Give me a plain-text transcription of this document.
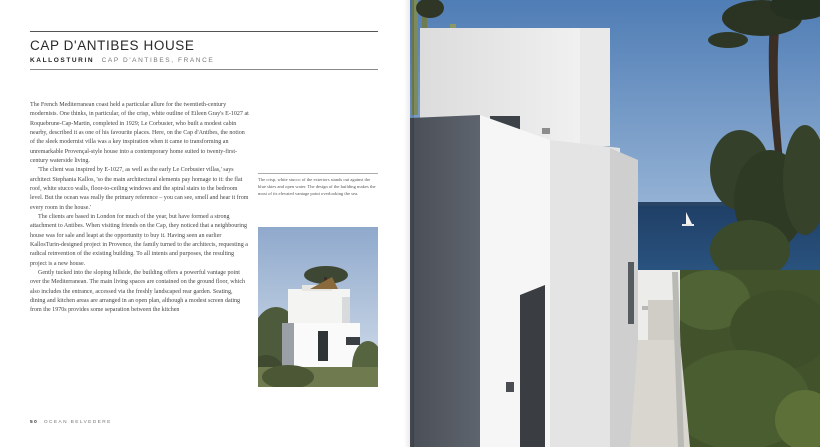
CAP D'ANTIBES HOUSE
KALLOSTURIN CAP D'ANTIBES, FRANCE

The French Mediterranean coast held a particular allure for the twentieth-century modernists. One thinks, in particular, of the crisp, white outline of Eileen Gray's E-1027 at Roquebrune-Cap-Martin, completed in 1929; Le Corbusier, who built a modest cabin nearby, described it as one of his favourite places. Here, on the Cap d'Antibes, the notion of the sleek modernist villa was a key inspiration when it came to transforming an unremarkable Provençal-style house into a contemporary home suited to twenty-first-century waterside living.

'The client was inspired by E-1027, as well as the early Le Corbusier villas,' says architect Stephania Kallos, 'so the main architectural elements pay homage to it: the flat roof, white stucco walls, floor-to-ceiling windows and the spiral stairs to the bedroom level. But the ocean was really the primary reference – you can see, smell and hear it from every room in the house.'

The clients are based in London for much of the year, but have formed a strong attachment to Antibes. When visiting friends on the Cap, they noticed that a neighbouring house was for sale and leapt at the opportunity to buy it. Having seen an earlier KallosTurin-designed project in Provence, the family turned to the architects, requesting a radical reinvention of the existing building. To all intents and purposes, the resulting project is a new house.

Gently tucked into the sloping hillside, the building offers a powerful vantage point over the Mediterranean. The main living spaces are contained on the ground floor, which also includes the entrance, accessed via the freshly landscaped rear garden. Seating, dining and kitchen areas are arranged in an open plan, although a modest screen dating from the 1970s provides some separation between the kitchen

The crisp, white stucco of the exteriors stands out against the blue skies and open water. The design of the building makes the most of its elevated vantage point overlooking the sea.
50 OCEAN BELVEDERE
